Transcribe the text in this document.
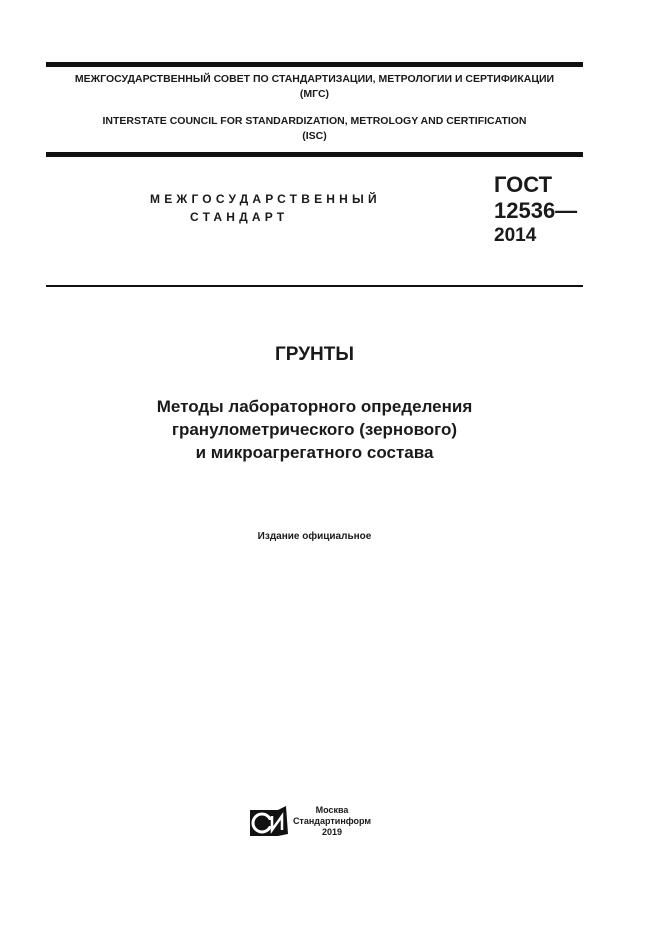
МЕЖГОСУДАРСТВЕННЫЙ СОВЕТ ПО СТАНДАРТИЗАЦИИ, МЕТРОЛОГИИ И СЕРТИФИКАЦИИ
(МГС)
INTERSTATE COUNCIL FOR STANDARDIZATION, METROLOGY AND CERTIFICATION
(ISC)
МЕЖГОСУДАРСТВЕННЫЙ
СТАНДАРТ
ГОСТ
12536—
2014
ГРУНТЫ
Методы лабораторного определения
гранулометрического (зернового)
и микроагрегатного состава
Издание официальное
Москва
Стандартинформ
2019
